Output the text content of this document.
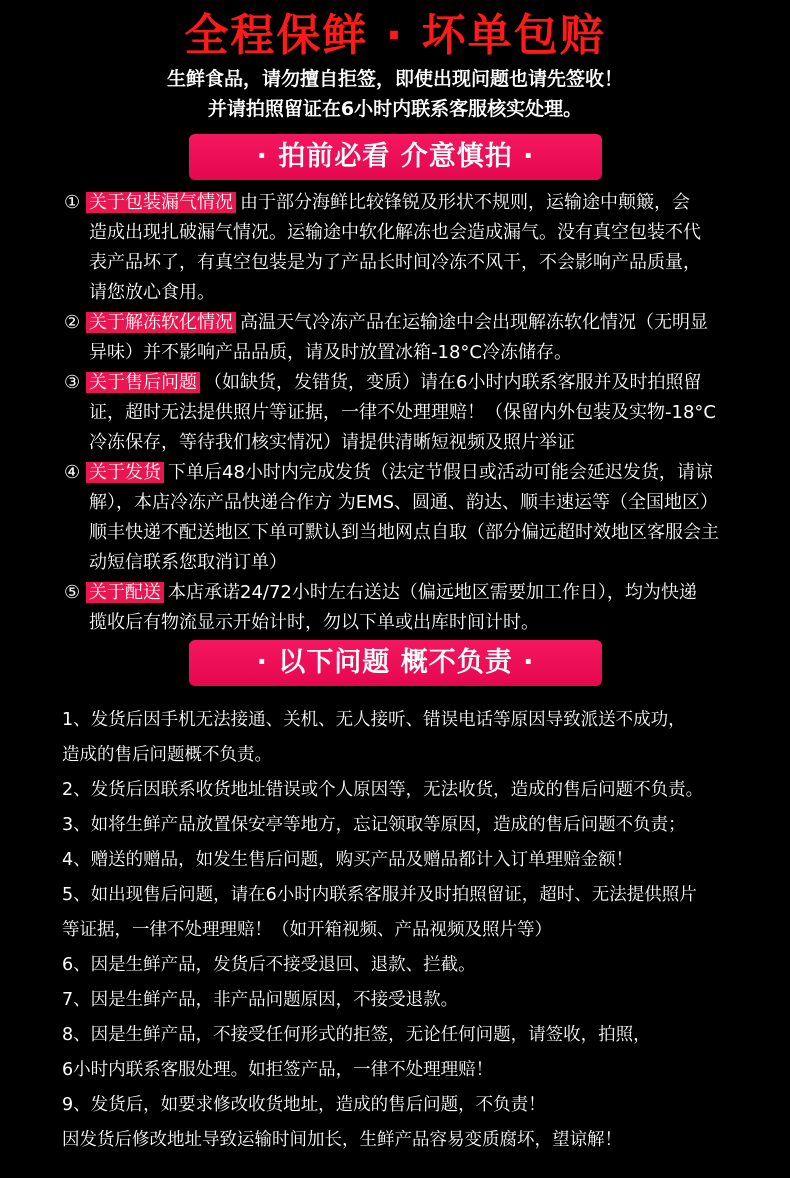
全程保鲜 · 坏单包赔
生鲜食品，请勿擅自拒签，即使出现问题也请先签收！
并请拍照留证在6小时内联系客服核实处理。
· 拍前必看 介意慎拍 ·
① 关于包装漏气情况 由于部分海鲜比较锋锐及形状不规则，运输途中颠簸，会
造成出现扎破漏气情况。运输途中软化解冻也会造成漏气。没有真空包装不代
表产品坏了，有真空包装是为了产品长时间冷冻不风干，不会影响产品质量，
请您放心食用。
② 关于解冻软化情况 高温天气冷冻产品在运输途中会出现解冻软化情况（无明显
异味）并不影响产品品质，请及时放置冰箱-18°C冷冻储存。
③ 关于售后问题 （如缺货，发错货，变质）请在6小时内联系客服并及时拍照留
证，超时无法提供照片等证据，一律不处理理赔！（保留内外包装及实物-18°C
冷冻保存，等待我们核实情况）请提供清晰短视频及照片举证
④ 关于发货 下单后48小时内完成发货（法定节假日或活动可能会延迟发货，请谅
解），本店冷冻产品快递合作方 为EMS、圆通、韵达、顺丰速运等（全国地区）
顺丰快递不配送地区下单可默认到当地网点自取（部分偏远超时效地区客服会主
动短信联系您取消订单）
⑤ 关于配送 本店承诺24/72小时左右送达（偏远地区需要加工作日），均为快递
揽收后有物流显示开始计时，勿以下单或出库时间计时。
· 以下问题 概不负责 ·
1、发货后因手机无法接通、关机、无人接听、错误电话等原因导致派送不成功，
造成的售后问题概不负责。
2、发货后因联系收货地址错误或个人原因等，无法收货，造成的售后问题不负责。
3、如将生鲜产品放置保安亭等地方，忘记领取等原因，造成的售后问题不负责；
4、赠送的赠品，如发生售后问题，购买产品及赠品都计入订单理赔金额！
5、如出现售后问题，请在6小时内联系客服并及时拍照留证，超时、无法提供照片
等证据，一律不处理理赔！（如开箱视频、产品视频及照片等）
6、因是生鲜产品，发货后不接受退回、退款、拦截。
7、因是生鲜产品，非产品问题原因，不接受退款。
8、因是生鲜产品，不接受任何形式的拒签，无论任何问题，请签收，拍照，
6小时内联系客服处理。如拒签产品，一律不处理理赔！
9、发货后，如要求修改收货地址，造成的售后问题，不负责！
因发货后修改地址导致运输时间加长，生鲜产品容易变质腐坏，望谅解！
